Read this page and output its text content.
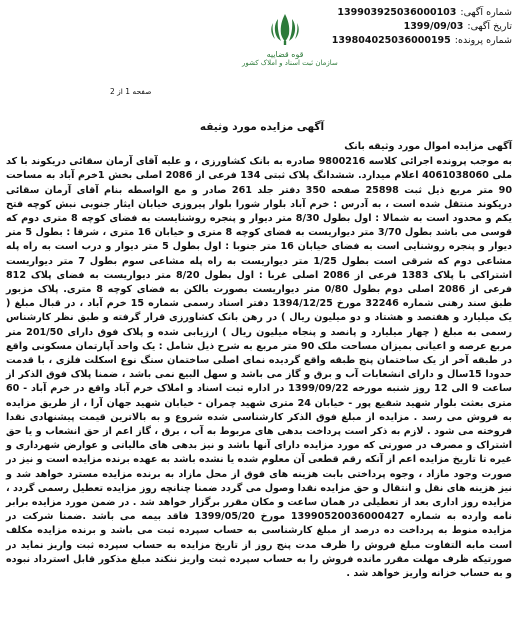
شماره آگهی:
139903925036000103
تاریخ آگهی:
1399/09/03
شماره پرونده:
139804025036000195
قوه قضاییه
سازمان ثبت اسناد و املاک کشور
صفحه 1 از 2
آگهی مزایده مورد وثیقه

آگهی مزایده اموال مورد وثیقه بانک

به موجب پرونده اجرائی کلاسه 9800216 صادره به بانک کشاورزی ، و علیه آقای آرمان سقائی دریکوند با کد ملی 4061038060 اعلام میدارد. ششدانگ پلاک ثبتی 134 فرعی از 2086 اصلی بخش 1خرم آباد به مساحت 90 متر مربع ذیل ثبت 25898 صفحه 350 دفتر جلد 261 صادر و مع الواسطه بنام آقای آرمان سقائی دریکوند منتقل شده است ، به آدرس : خرم آباد بلوار شورا بلوار پیروزی خیابان ایثار جنوبی نبش کوچه فتح یکم و محدود است به شمالا : اول بطول 8/30 متر دیوار و پنجره روشنایست به فضای کوچه 8 متری دوم که قوسی می باشد بطول 3/70 متر دیواریست به فضای کوچه 8 متری و خیابان 16 متری ، شرقا : بطول 5 متر دیوار و پنجره روشنایی است به فضای خیابان 16 متر جنوبا : اول بطول 5 متر دیوار و درب است به راه پله مشاعی دوم که شرقی است بطول 1/25 متر دیواریست به راه پله مشاعی سوم بطول 7 متر دیواریست اشتراکی با پلاک 1383 فرعی از 2086 اصلی غربا : اول بطول 8/20 متر دیواریست به فضای پلاک 812 فرعی از 2086 اصلی دوم بطول 0/80 متر دیواریست بصورت بالکن به فضای کوچه 8 متری. پلاک مزبور طبق سند رهنی شماره 32246 مورخ 1394/12/25 دفتر اسناد رسمی شماره 15 خرم آباد ، در قبال مبلغ ( یک میلیارد و هفتصد و هشتاد و دو میلیون ریال ) در رهن بانک کشاورزی قرار گرفته و طبق نظر کارشناس رسمی به مبلغ ( چهار میلیارد و پانصد و پنجاه میلیون ریال ) ارزیابی شده و پلاک فوق دارای 201/50 متر مربع عرصه و اعیانی بمیزان مساحت ملک 90 متر مربع به شرح ذیل شامل : یک واحد آپارتمان مسکونی واقع در طبقه آخر از یک ساختمان پنج طبقه واقع گردیده نمای اصلی ساختمان سنگ نوع اسکلت فلزی ، با قدمت حدودا 15سال و دارای انشعابات آب و برق و گاز می باشد و سهل البیع نمی باشد ، ضمنا پلاک فوق الذکر از ساعت 9 الی 12 روز شنبه مورخه 1399/09/22 در اداره ثبت اسناد و املاک خرم آباد واقع در خرم آباد - 60 متری بعثت بلوار شهید شفیع پور - خیابان 24 متری شهید چمران - خیابان شهید جهان آرا ، از طریق مزایده به فروش می رسد . مزایده از مبلغ فوق الذکر کارشناسی شده شروع و به بالاترین قیمت پیشنهادی نقدا فروخته می شود . لازم به ذکر است پرداخت بدهی های مربوط به آب ، برق ، گاز اعم از حق انشعاب و یا حق اشتراک و مصرف در صورتی که مورد مزایده دارای آنها باشد و نیز بدهی های مالیاتی و عوارض شهرداری و غیره تا تاریخ مزایده اعم از آنکه رقم قطعی آن معلوم شده یا نشده باشد به عهده برنده مزایده است و نیز در صورت وجود مازاد ، وجوه پرداختی بابت هزینه های فوق از محل مازاد به برنده مزایده مسترد خواهد شد و نیز هزینه های نقل و انتقال و حق مزایده نقدا وصول می گردد ضمنا چنانچه روز مزایده تعطیل رسمی گردد ، مزایده روز اداری بعد از تعطیلی در همان ساعت و مکان مقرر برگزار خواهد شد . در ضمن مورد مزایده برابر نامه وارده به شماره 13990520036000427 مورخ 1399/05/20 فاقد بیمه می باشد .ضمنا شرکت در مزایده منوط به پرداخت ده درصد از مبلغ کارشناسی به حساب سپرده ثبت می باشد و برنده مزایده مکلف است مابه التفاوت مبلغ فروش را ظرف مدت پنج روز از تاریخ مزایده به حساب سپرده ثبت واریز نماید در صورتیکه ظرف مهلت مقرر مانده فروش را به حساب سپرده ثبت واریز ننکند مبلغ مذکور قابل استرداد نبوده و به حساب خزانه واریز خواهد شد .
